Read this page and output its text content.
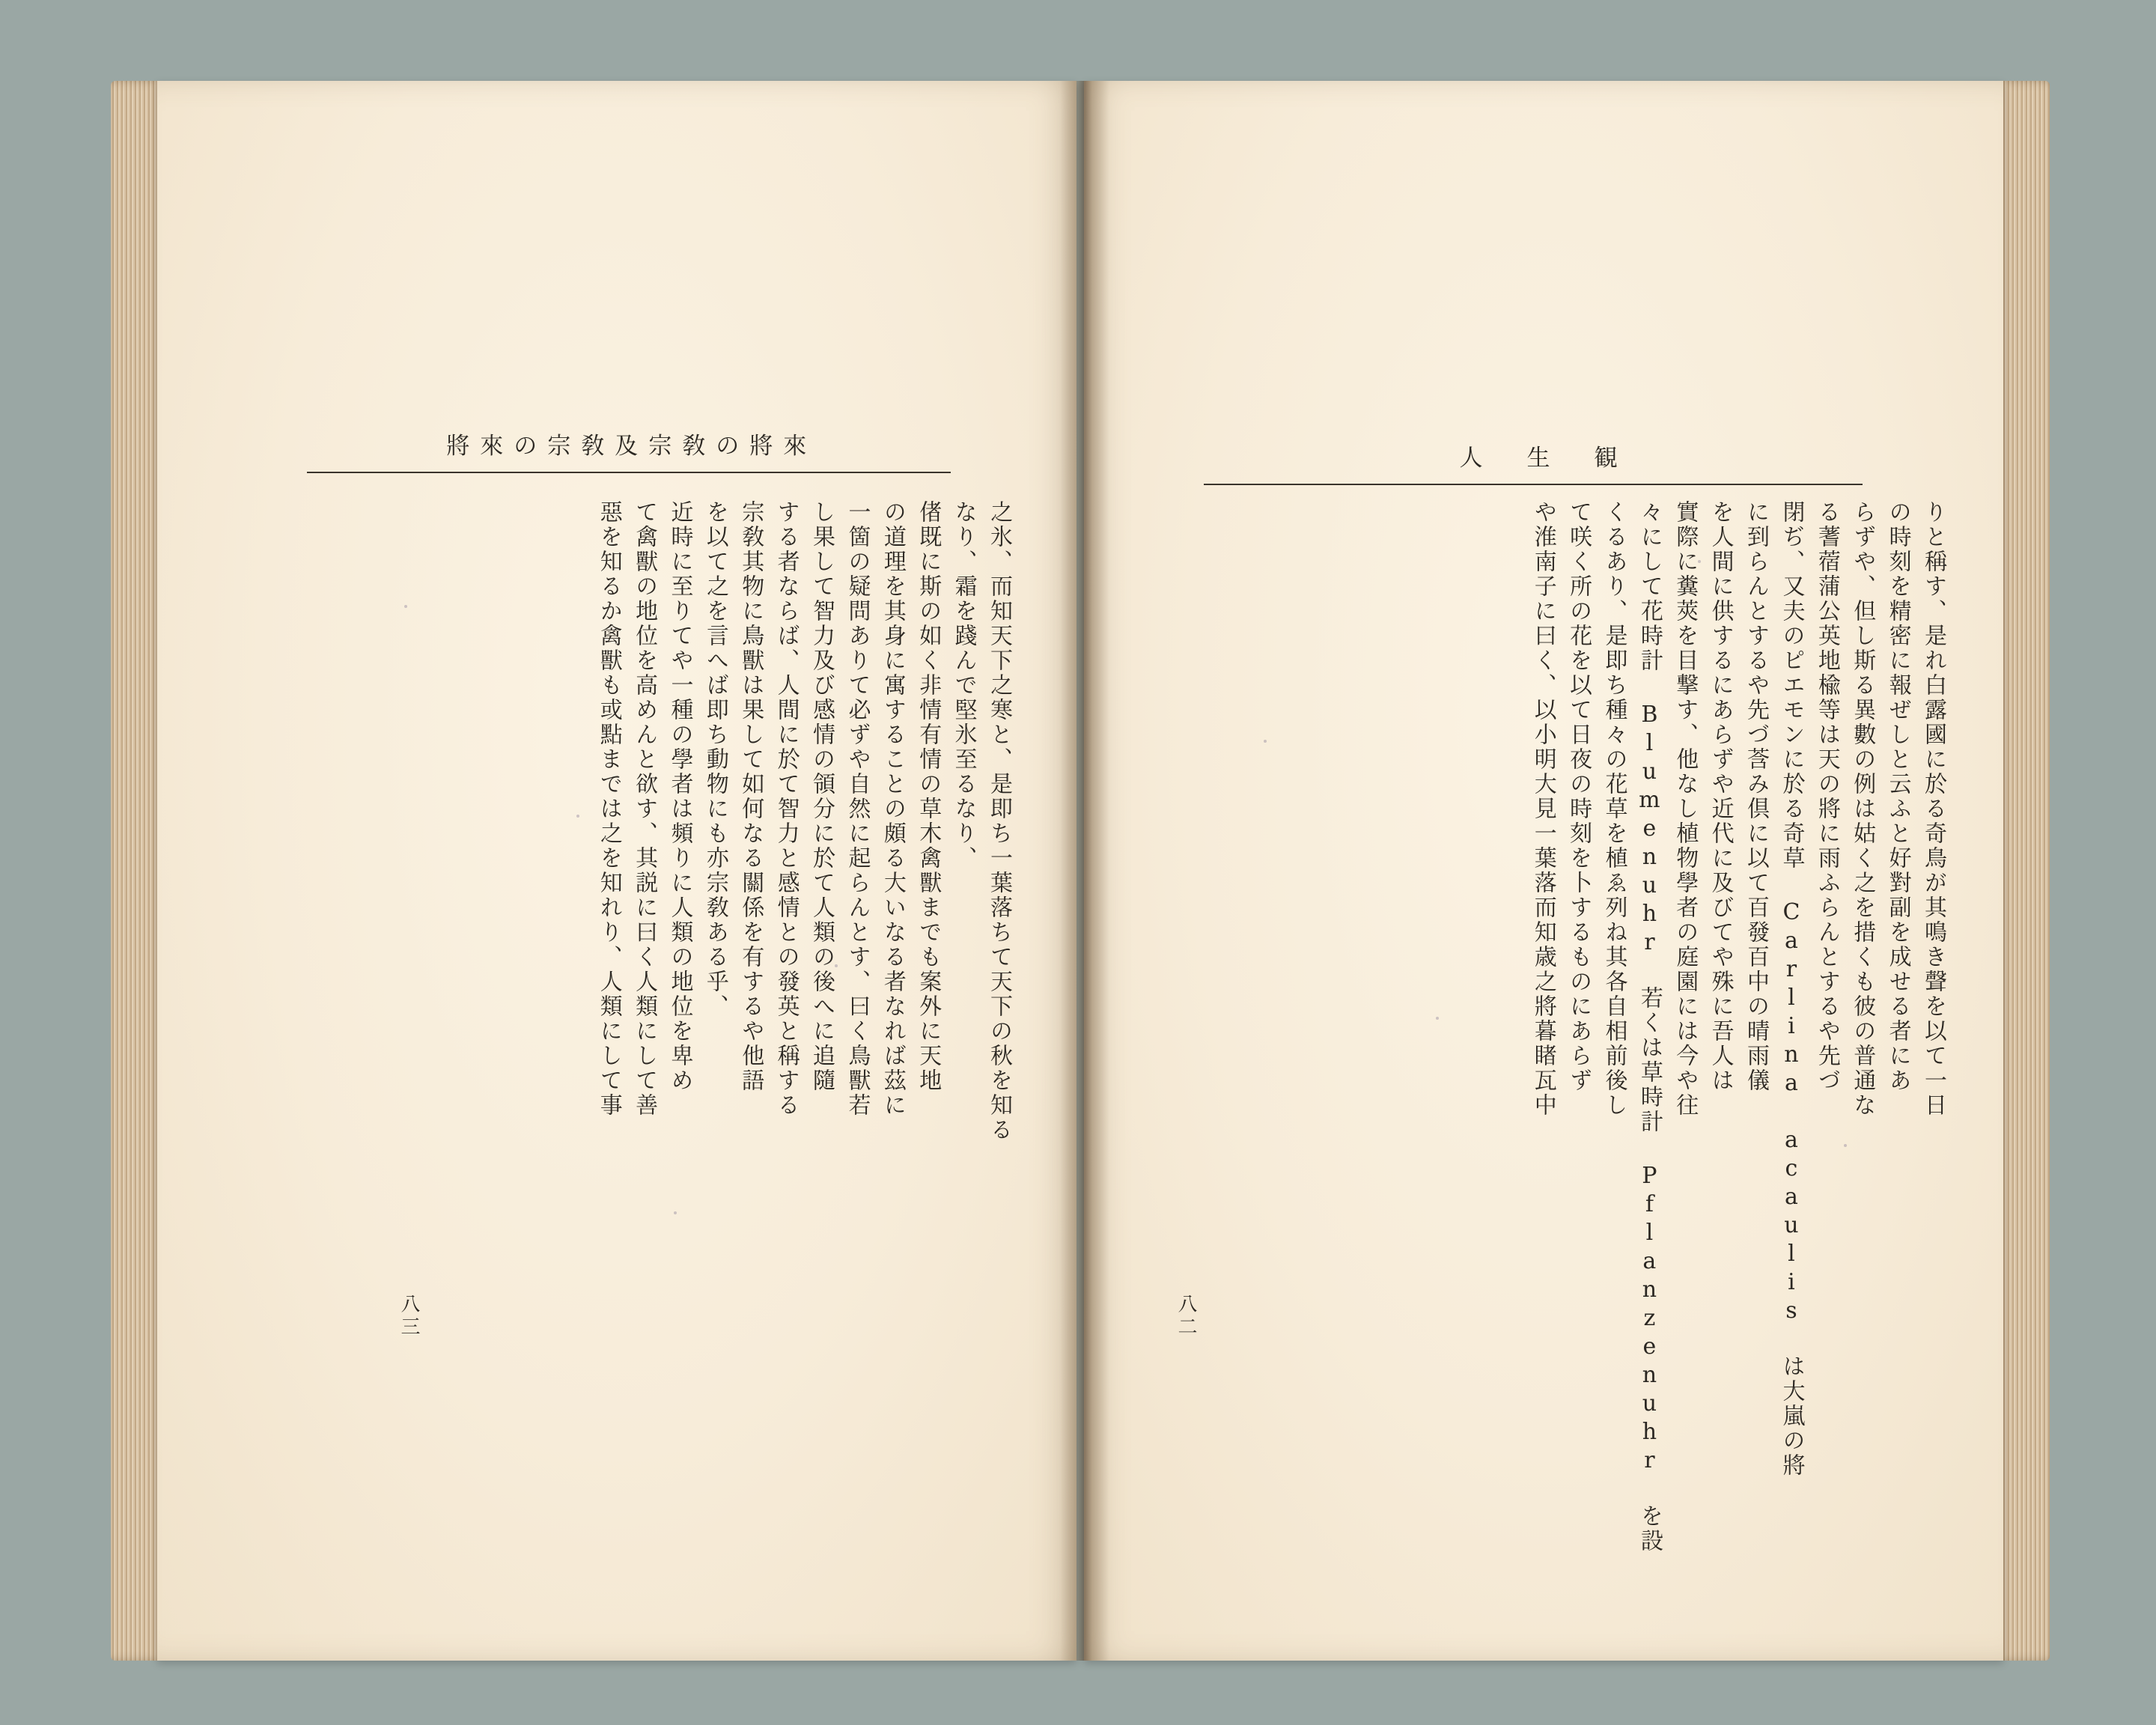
將來の宗敎及宗敎の將來
之氷、而知天下之寒と、是即ち一葉落ちて天下の秋を知る
なり、霜を踐んで堅氷至るなり、
偖既に斯の如く非情有情の草木禽獸までも案外に天地
の道理を其身に寓することの頗る大いなる者なれば茲に
一箇の疑問ありて必ずや自然に起らんとす、曰く鳥獸若
し果して智力及び感情の領分に於て人類の後へに追隨
する者ならば、人間に於て智力と感情との發英と稱する
宗敎其物に鳥獸は果して如何なる關係を有するや他語
を以て之を言へば即ち動物にも亦宗敎ある乎、
近時に至りてや一種の學者は頻りに人類の地位を卑め
て禽獸の地位を高めんと欲す、其説に曰く人類にして善
惡を知るか禽獸も或點までは之を知れり、人類にして事
八三
人　生　観
りと稱す、是れ白露國に於る奇鳥が其鳴き聲を以て一日
の時刻を精密に報ぜしと云ふと好對副を成せる者にあ
らずや、但し斯る異數の例は姑く之を措くも彼の普通な
る蓍蓿蒲公英地楡等は天の將に雨ふらんとするや先づ
閉ぢ、又夫のピエモンに於る奇草 Carlina acaulis は大嵐の將
に到らんとするや先づ莟み倶に以て百發百中の晴雨儀
を人間に供するにあらずや近代に及びてや殊に吾人は
實際に糞莢を目撃す、他なし植物學者の庭園には今や往
々にして花時計 Blumenuhr 若くは草時計 Pflanzenuhr を設
くるあり、是即ち種々の花草を植ゑ列ね其各自相前後し
て咲く所の花を以て日夜の時刻を卜するものにあらず
や淮南子に曰く、以小明大見一葉落而知歳之將暮睹瓦中
八二
